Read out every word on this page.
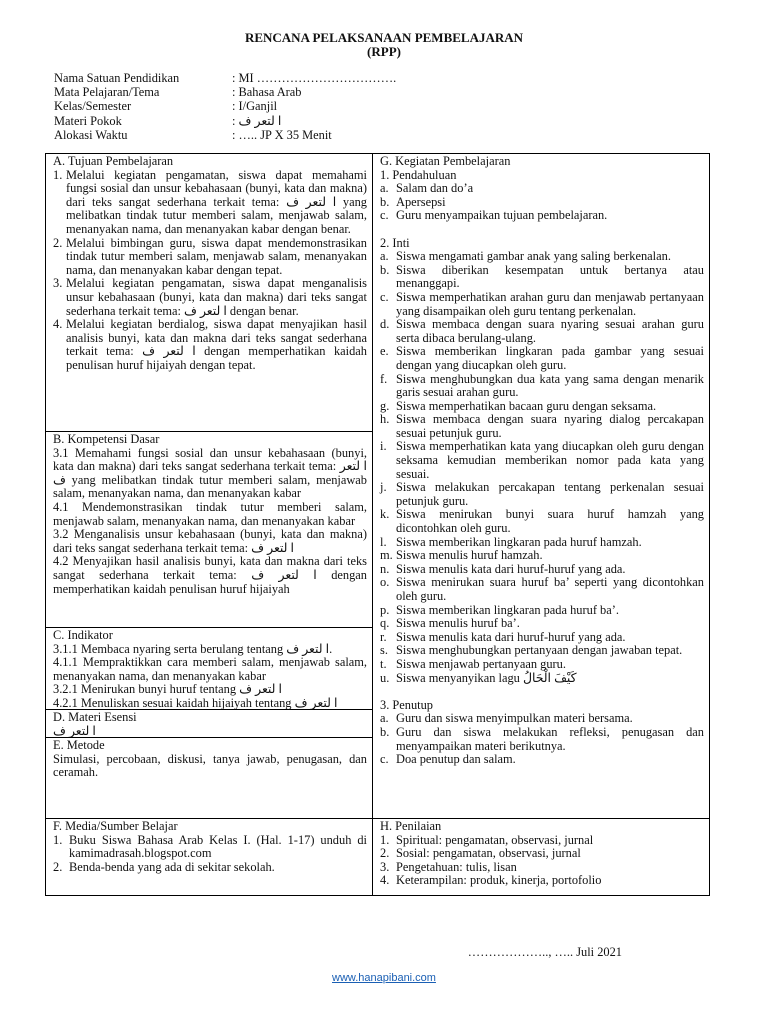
RENCANA PELAKSANAAN PEMBELAJARAN
(RPP)
Nama Satuan Pendidikan	: MI …………………………….
Mata Pelajaran/Tema	: Bahasa Arab
Kelas/Semester	: I/Ganjil
Materi Pokok	: ا لتعر ف
Alokasi Waktu	: ….. JP X 35 Menit
A. Tujuan Pembelajaran
1. Melalui kegiatan pengamatan, siswa dapat memahami fungsi sosial dan unsur kebahasaan (bunyi, kata dan makna) dari teks sangat sederhana terkait tema: ا لتعر ف yang melibatkan tindak tutur memberi salam, menjawab salam, menanyakan nama, dan menanyakan kabar dengan benar.
2. Melalui bimbingan guru, siswa dapat mendemonstrasikan tindak tutur memberi salam, menjawab salam, menanyakan nama, dan menanyakan kabar dengan tepat.
3. Melalui kegiatan pengamatan, siswa dapat menganalisis unsur kebahasaan (bunyi, kata dan makna) dari teks sangat sederhana terkait tema: ا لتعر ف dengan benar.
4. Melalui kegiatan berdialog, siswa dapat menyajikan hasil analisis bunyi, kata dan makna dari teks sangat sederhana terkait tema: ا لتعر ف dengan memperhatikan kaidah penulisan huruf hijaiyah dengan tepat.
B. Kompetensi Dasar
3.1 Memahami fungsi sosial dan unsur kebahasaan (bunyi, kata dan makna) dari teks sangat sederhana terkait tema: ا لتعر ف yang melibatkan tindak tutur memberi salam, menjawab salam, menanyakan nama, dan menanyakan kabar
4.1 Mendemonstrasikan tindak tutur memberi salam, menjawab salam, menanyakan nama, dan menanyakan kabar
3.2 Menganalisis unsur kebahasaan (bunyi, kata dan makna) dari teks sangat sederhana terkait tema: ا لتعر ف
4.2 Menyajikan hasil analisis bunyi, kata dan makna dari teks sangat sederhana terkait tema: ا لتعر ف dengan memperhatikan kaidah penulisan huruf hijaiyah
C. Indikator
3.1.1 Membaca nyaring serta berulang tentang ا لتعر ف.
4.1.1 Mempraktikkan cara memberi salam, menjawab salam, menanyakan nama, dan menanyakan kabar
3.2.1 Menirukan bunyi huruf tentang ا لتعر ف
4.2.1 Menuliskan sesuai kaidah hijaiyah tentang ا لتعر ف
D. Materi Esensi
ا لتعر ف
E. Metode
Simulasi, percobaan, diskusi, tanya jawab, penugasan, dan ceramah.
F. Media/Sumber Belajar
1. Buku Siswa Bahasa Arab Kelas I. (Hal. 1-17) unduh di kamimadrasah.blogspot.com
2. Benda-benda yang ada di sekitar sekolah.
G. Kegiatan Pembelajaran
1. Pendahuluan
a. Salam dan do’a
b. Apersepsi
c. Guru menyampaikan tujuan pembelajaran.
2. Inti
a. Siswa mengamati gambar anak yang saling berkenalan.
b. Siswa diberikan kesempatan untuk bertanya atau menanggapi.
c. Siswa memperhatikan arahan guru dan menjawab pertanyaan yang disampaikan oleh guru tentang perkenalan.
d. Siswa membaca dengan suara nyaring sesuai arahan guru serta dibaca berulang-ulang.
e. Siswa memberikan lingkaran pada gambar yang sesuai dengan yang diucapkan oleh guru.
f. Siswa menghubungkan dua kata yang sama dengan menarik garis sesuai arahan guru.
g. Siswa memperhatikan bacaan guru dengan seksama.
h. Siswa membaca dengan suara nyaring dialog percakapan sesuai petunjuk guru.
i. Siswa memperhatikan kata yang diucapkan oleh guru dengan seksama kemudian memberikan nomor pada kata yang sesuai.
j. Siswa melakukan percakapan tentang perkenalan sesuai petunjuk guru.
k. Siswa menirukan bunyi suara huruf hamzah yang dicontohkan oleh guru.
l. Siswa memberikan lingkaran pada huruf hamzah.
m. Siswa menulis huruf hamzah.
n. Siswa menulis kata dari huruf-huruf yang ada.
o. Siswa menirukan suara huruf ba’ seperti yang dicontohkan oleh guru.
p. Siswa memberikan lingkaran pada huruf ba’.
q. Siswa menulis huruf ba’.
r. Siswa menulis kata dari huruf-huruf yang ada.
s. Siswa menghubungkan pertanyaan dengan jawaban tepat.
t. Siswa menjawab pertanyaan guru.
u. Siswa menyanyikan lagu كَيْفَ الْحَالُ
3. Penutup
a. Guru dan siswa menyimpulkan materi bersama.
b. Guru dan siswa melakukan refleksi, penugasan dan menyampaikan materi berikutnya.
c. Doa penutup dan salam.
H. Penilaian
1. Spiritual: pengamatan, observasi, jurnal
2. Sosial: pengamatan, observasi, jurnal
3. Pengetahuan: tulis, lisan
4. Keterampilan: produk, kinerja, portofolio
……………….., ….. Juli 2021
www.hanapibani.com
